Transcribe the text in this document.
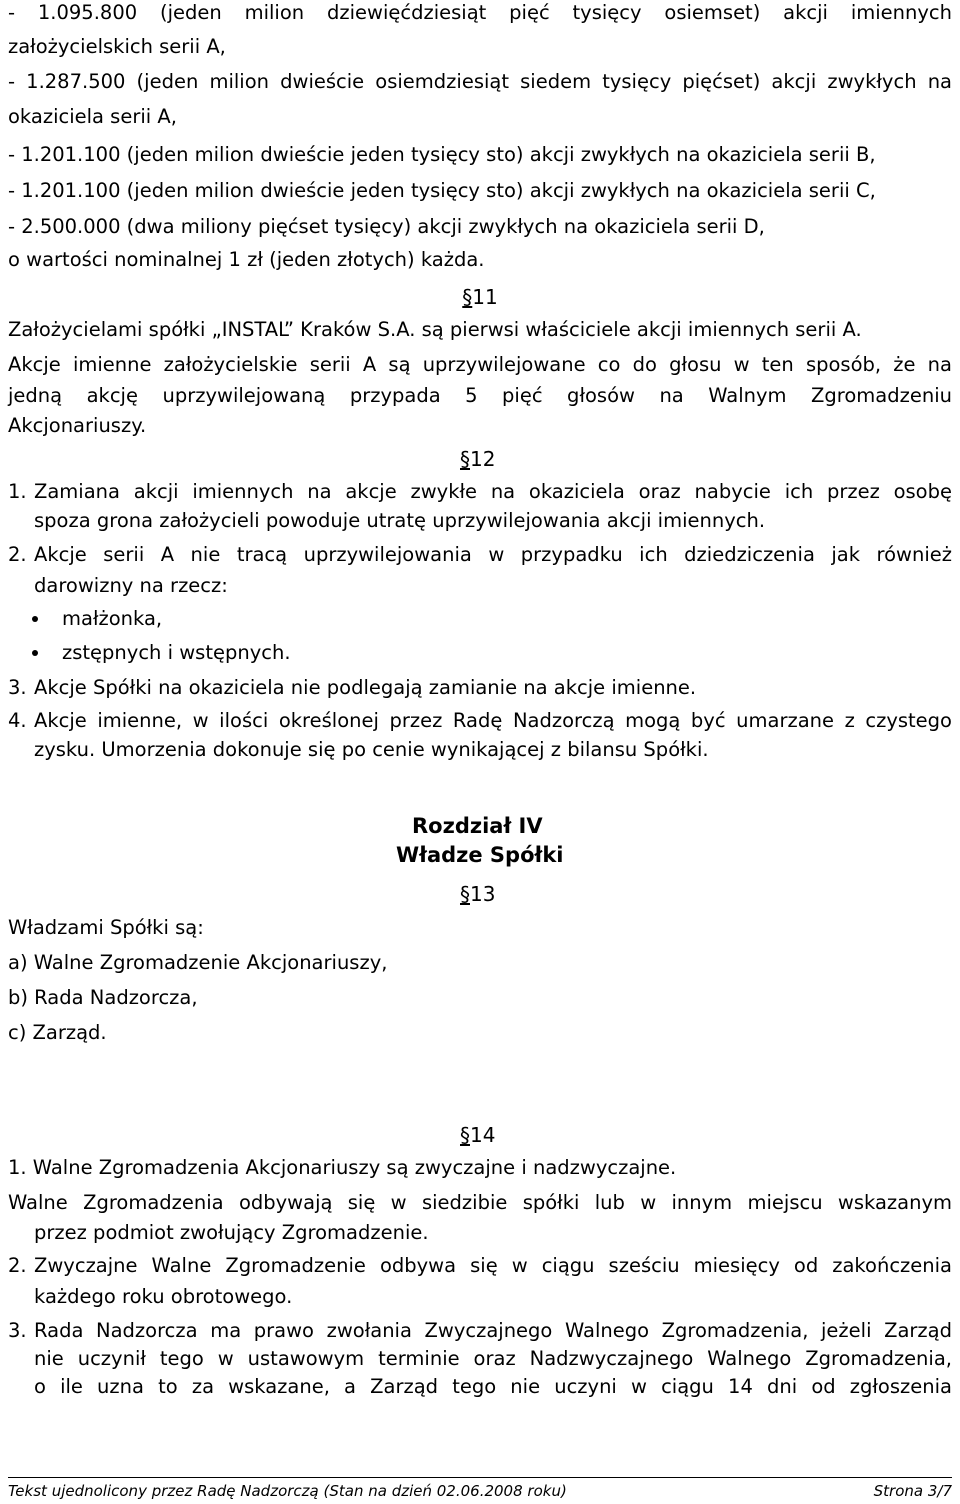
- 1.095.800 (jeden milion dziewięćdziesiąt pięć tysięcy osiemset) akcji imiennych
założycielskich serii A,
- 1.287.500 (jeden milion dwieście osiemdziesiąt siedem tysięcy pięćset) akcji zwykłych na
okaziciela serii A,
- 1.201.100 (jeden milion dwieście jeden tysięcy sto) akcji zwykłych na okaziciela serii B,
- 1.201.100 (jeden milion dwieście jeden tysięcy sto) akcji zwykłych na okaziciela serii C,
- 2.500.000 (dwa miliony pięćset tysięcy) akcji zwykłych na okaziciela serii D,
o wartości nominalnej 1 zł (jeden złotych) każda.
§11
Założycielami spółki „INSTAL” Kraków S.A. są pierwsi właściciele akcji imiennych serii A.
Akcje imienne założycielskie serii A są uprzywilejowane co do głosu w ten sposób, że na
jedną akcję uprzywilejowaną przypada 5 pięć głosów na Walnym Zgromadzeniu
Akcjonariuszy.
§12
1. Zamiana akcji imiennych na akcje zwykłe na okaziciela oraz nabycie ich przez osobę
spoza grona założycieli powoduje utratę uprzywilejowania akcji imiennych.
2. Akcje serii A nie tracą uprzywilejowania w przypadku ich dziedziczenia jak również
darowizny na rzecz:
małżonka,
zstępnych i wstępnych.
3. Akcje Spółki na okaziciela nie podlegają zamianie na akcje imienne.
4. Akcje imienne, w ilości określonej przez Radę Nadzorczą mogą być umarzane z czystego
zysku. Umorzenia dokonuje się po cenie wynikającej z bilansu Spółki.
Rozdział IV
Władze Spółki
§13
Władzami Spółki są:
a) Walne Zgromadzenie Akcjonariuszy,
b) Rada Nadzorcza,
c) Zarząd.
§14
1. Walne Zgromadzenia Akcjonariuszy są zwyczajne i nadzwyczajne.
Walne Zgromadzenia odbywają się w siedzibie spółki lub w innym miejscu wskazanym
przez podmiot zwołujący Zgromadzenie.
2. Zwyczajne Walne Zgromadzenie odbywa się w ciągu sześciu miesięcy od zakończenia
każdego roku obrotowego.
3. Rada Nadzorcza ma prawo zwołania Zwyczajnego Walnego Zgromadzenia, jeżeli Zarząd
nie uczynił tego w ustawowym terminie oraz Nadzwyczajnego Walnego Zgromadzenia,
o ile uzna to za wskazane, a Zarząd tego nie uczyni w ciągu 14 dni od zgłoszenia
Tekst ujednolicony przez Radę Nadzorczą (Stan na dzień 02.06.2008 roku)	Strona 3/7
